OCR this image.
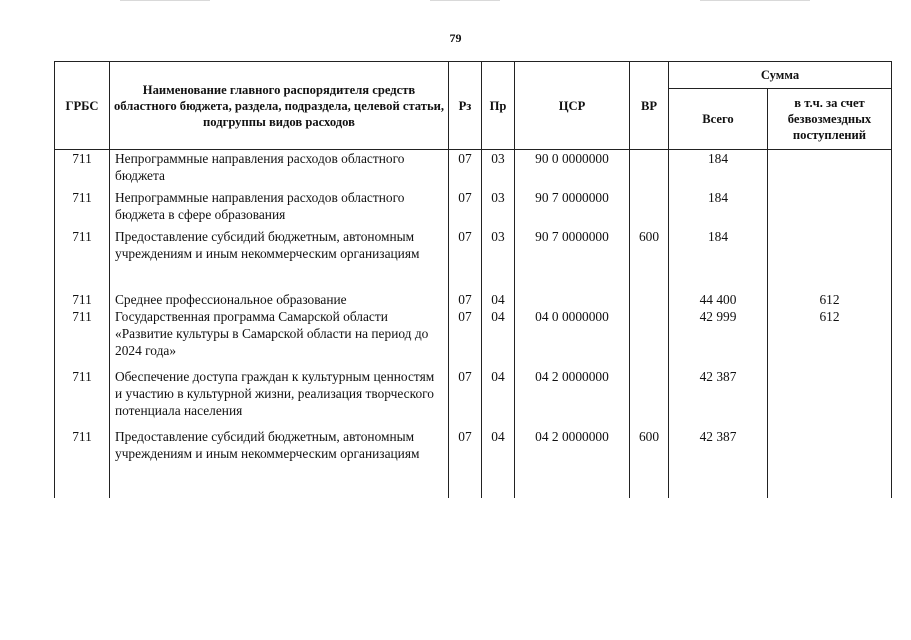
79
ГРБС	Наименование главного распорядителя средств областного бюджета, раздела, подраздела, целевой статьи, подгруппы видов расходов	Рз	Пр	ЦСР	ВР	Сумма	
						Всего	в т.ч. за счет безвозмездных поступлений
711	Непрограммные направления расходов областного бюджета	07	03	90 0 0000000		184	
711	Непрограммные направления расходов областного бюджета в сфере образования	07	03	90 7 0000000		184	
711	Предоставление субсидий бюджетным, автономным учреждениям и иным некоммерческим организациям	07	03	90 7 0000000	600	184	
711	Среднее профессиональное образование	07	04			44 400	612
711	Государственная программа Самарской области «Развитие культуры в Самарской области на период до 2024 года»	07	04	04 0 0000000		42 999	612
711	Обеспечение доступа граждан к культурным ценностям и участию в культурной жизни, реализация творческого потенциала населения	07	04	04 2 0000000		42 387	
711	Предоставление субсидий бюджетным, автономным учреждениям и иным некоммерческим организациям	07	04	04 2 0000000	600	42 387	
